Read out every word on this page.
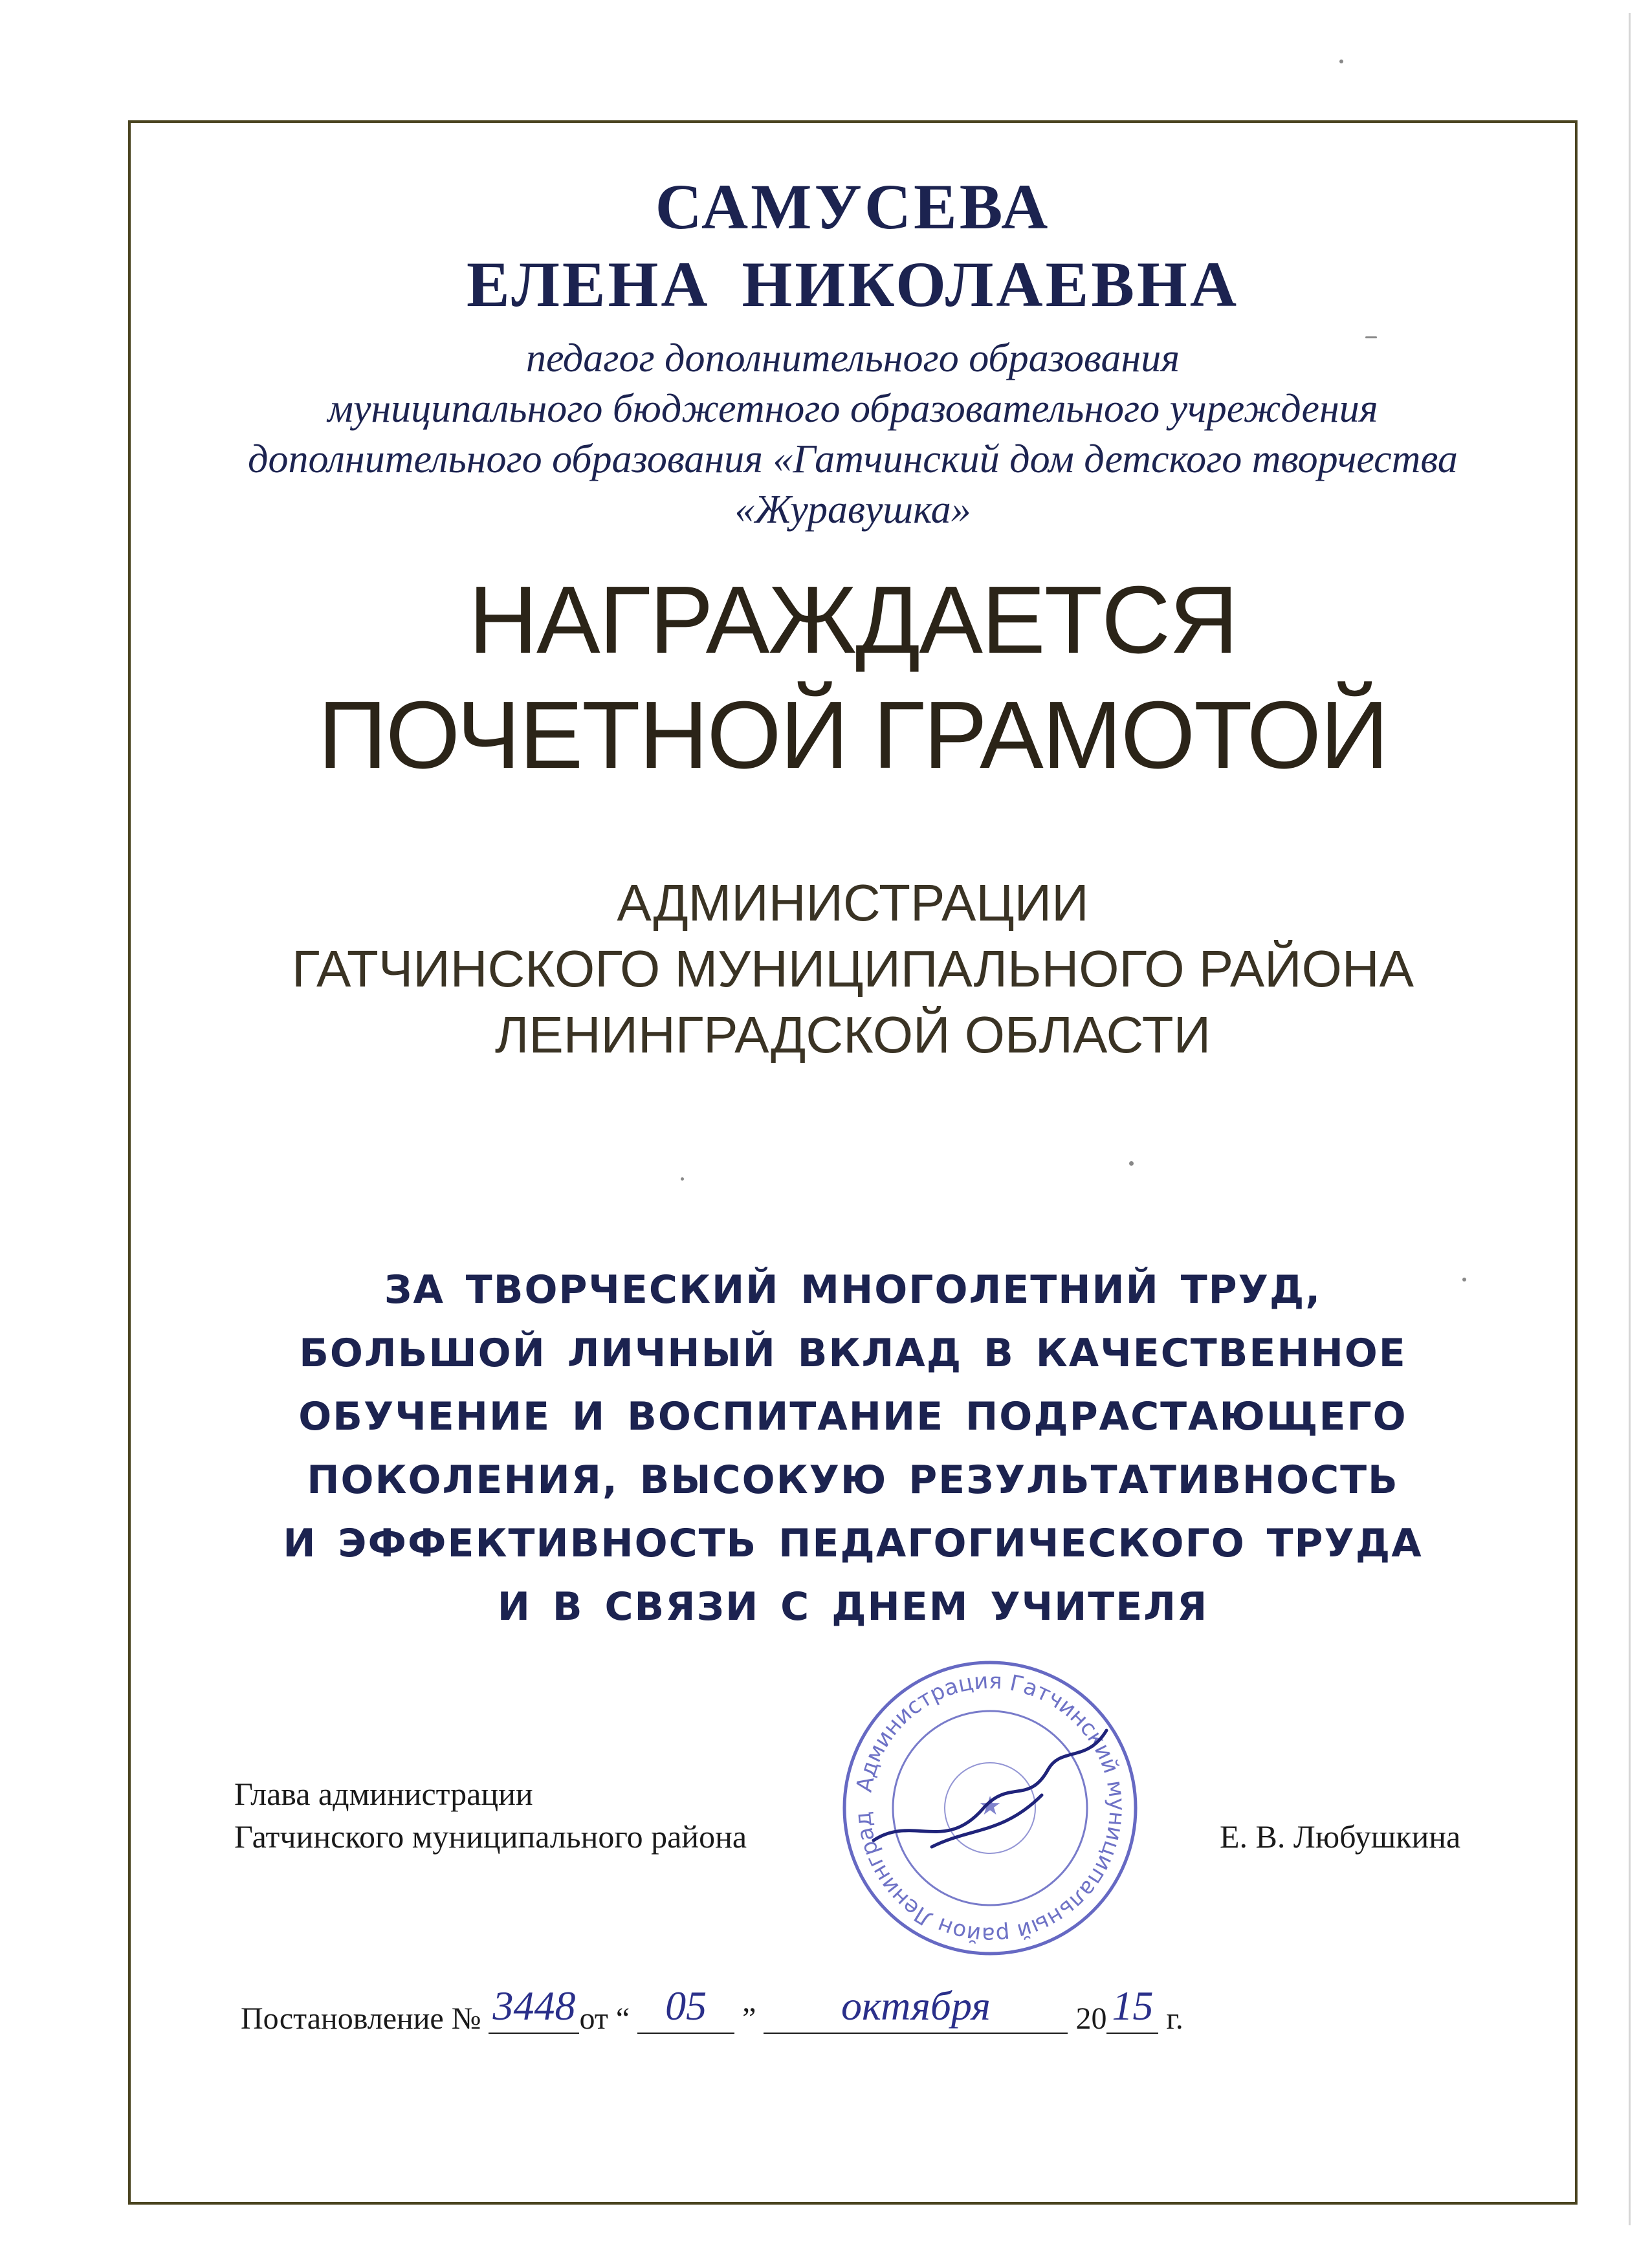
САМУСЕВА
ЕЛЕНА НИКОЛАЕВНА
педагог дополнительного образования
муниципального бюджетного образовательного учреждения
дополнительного образования «Гатчинский дом детского творчества
«Журавушка»
НАГРАЖДАЕТСЯ
ПОЧЕТНОЙ ГРАМОТОЙ
АДМИНИСТРАЦИИ
ГАТЧИНСКОГО МУНИЦИПАЛЬНОГО РАЙОНА
ЛЕНИНГРАДСКОЙ ОБЛАСТИ
ЗА ТВОРЧЕСКИЙ МНОГОЛЕТНИЙ ТРУД,
БОЛЬШОЙ ЛИЧНЫЙ ВКЛАД В КАЧЕСТВЕННОЕ
ОБУЧЕНИЕ И ВОСПИТАНИЕ ПОДРАСТАЮЩЕГО
ПОКОЛЕНИЯ, ВЫСОКУЮ РЕЗУЛЬТАТИВНОСТЬ
И ЭФФЕКТИВНОСТЬ ПЕДАГОГИЧЕСКОГО ТРУДА
И В СВЯЗИ С ДНЕМ УЧИТЕЛЯ
Глава администрации
Гатчинского муниципального района
Администрация Гатчинский муниципальный район Ленинград	★
Е. В. Любушкина
Постановление № 3448 от “ 05 ” октября	20 15 г.
